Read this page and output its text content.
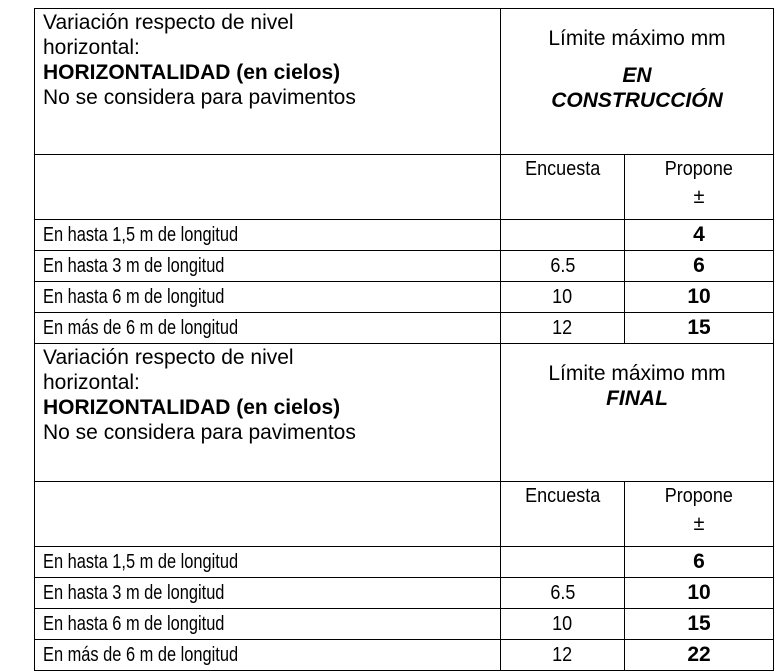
Variación respecto de nivel
horizontal:
HORIZONTALIDAD (en cielos)
No se considera para pavimentos	Límite máximo mm
EN
CONSTRUCCIÓN	

	Encuesta	Propone
±

En hasta 1,5 m de longitud		4
En hasta 3 m de longitud	6.5	6
En hasta 6 m de longitud	10	10
En más de 6 m de longitud	12	15

Variación respecto de nivel
horizontal:
HORIZONTALIDAD (en cielos)
No se considera para pavimentos	Límite máximo mm
FINAL	

	Encuesta	Propone
±

En hasta 1,5 m de longitud		6
En hasta 3 m de longitud	6.5	10
En hasta 6 m de longitud	10	15
En más de 6 m de longitud	12	22
